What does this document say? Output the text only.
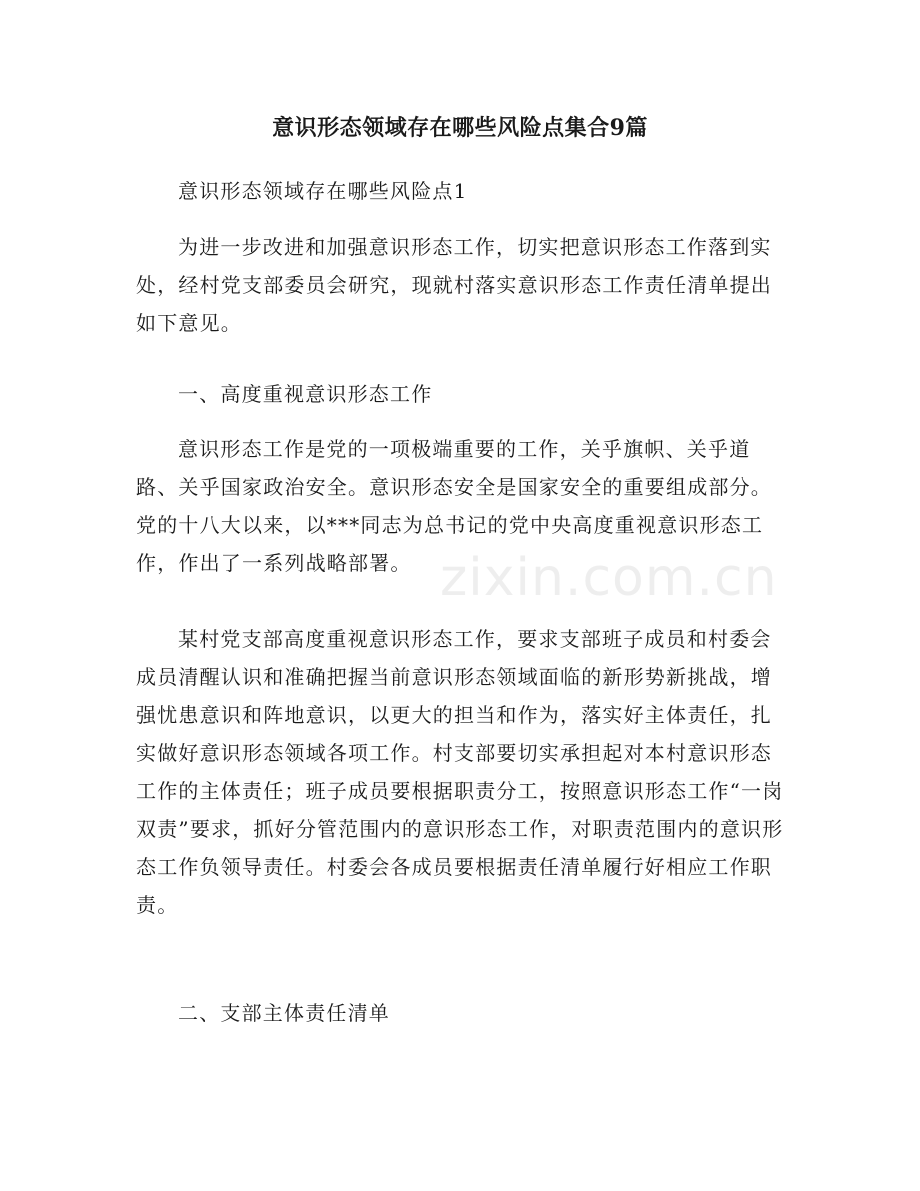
意识形态领域存在哪些风险点集合9篇

意识形态领域存在哪些风险点1

为进一步改进和加强意识形态工作，切实把意识形态工作落到实处，经村党支部委员会研究，现就村落实意识形态工作责任清单提出如下意见。

一、高度重视意识形态工作

意识形态工作是党的一项极端重要的工作，关乎旗帜、关乎道路、关乎国家政治安全。意识形态安全是国家安全的重要组成部分。党的十八大以来，以***同志为总书记的党中央高度重视意识形态工作，作出了一系列战略部署。

某村党支部高度重视意识形态工作，要求支部班子成员和村委会成员清醒认识和准确把握当前意识形态领域面临的新形势新挑战，增强忧患意识和阵地意识，以更大的担当和作为，落实好主体责任，扎实做好意识形态领域各项工作。村支部要切实承担起对本村意识形态工作的主体责任；班子成员要根据职责分工，按照意识形态工作“一岗双责”要求，抓好分管范围内的意识形态工作，对职责范围内的意识形态工作负领导责任。村委会各成员要根据责任清单履行好相应工作职责。

二、支部主体责任清单

zixin.com.cn
